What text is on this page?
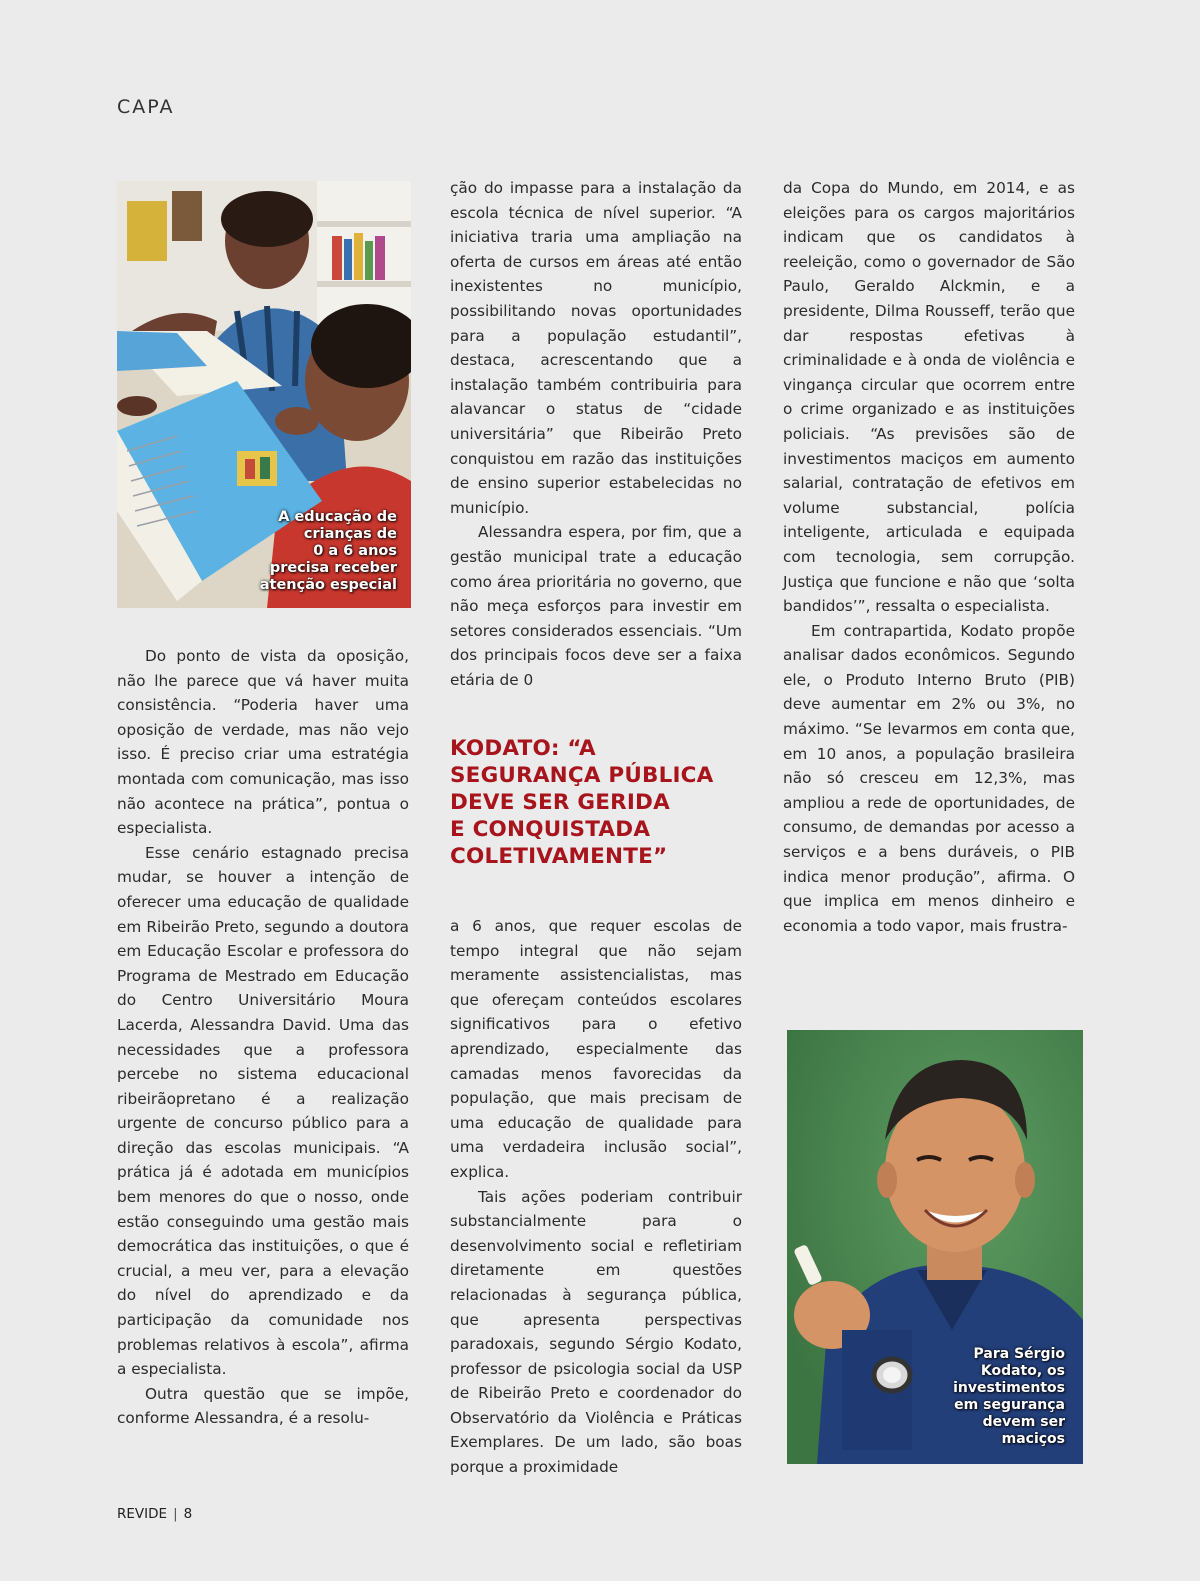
CAPA
A educação de
crianças de
0 a 6 anos
precisa receber
atenção especial

Do ponto de vista da oposição, não lhe parece que vá haver muita consistência. “Poderia haver uma oposição de verdade, mas não vejo isso. É preciso criar uma estratégia montada com comunicação, mas isso não acontece na prática”, pontua o especialista.

Esse cenário estagnado precisa mudar, se houver a intenção de oferecer uma educação de qualidade em Ribeirão Preto, segundo a doutora em Educação Escolar e professora do Programa de Mestrado em Educação do Centro Universitário Moura Lacerda, Alessandra David. Uma das necessidades que a professora percebe no sistema educacional ribeirãopretano é a realização urgente de concurso público para a direção das escolas municipais. “A prática já é adotada em municípios bem menores do que o nosso, onde estão conseguindo uma gestão mais democrática das instituições, o que é crucial, a meu ver, para a elevação do nível do aprendizado e da participação da comunidade nos problemas relativos à escola”, afirma a especialista.

Outra questão que se impõe, conforme Alessandra, é a resolu-

ção do impasse para a instalação da escola técnica de nível superior. “A iniciativa traria uma ampliação na oferta de cursos em áreas até então inexistentes no município, possibilitando novas oportunidades para a população estudantil”, destaca, acrescentando que a instalação também contribuiria para alavancar o status de “cidade universitária” que Ribeirão Preto conquistou em razão das instituições de ensino superior estabelecidas no município.

Alessandra espera, por fim, que a gestão municipal trate a educação como área prioritária no governo, que não meça esforços para investir em setores considerados essenciais. “Um dos principais focos deve ser a faixa etária de 0

KODATO: “A
SEGURANÇA PÚBLICA
DEVE SER GERIDA
E CONQUISTADA
COLETIVAMENTE”

a 6 anos, que requer escolas de tempo integral que não sejam meramente assistencialistas, mas que ofereçam conteúdos escolares significativos para o efetivo aprendizado, especialmente das camadas menos favorecidas da população, que mais precisam de uma educação de qualidade para uma verdadeira inclusão social”, explica.

Tais ações poderiam contribuir substancialmente para o desenvolvimento social e refletiriam diretamente em questões relacionadas à segurança pública, que apresenta perspectivas paradoxais, segundo Sérgio Kodato, professor de psicologia social da USP de Ribeirão Preto e coordenador do Observatório da Violência e Práticas Exemplares. De um lado, são boas porque a proximidade

da Copa do Mundo, em 2014, e as eleições para os cargos majoritários indicam que os candidatos à reeleição, como o governador de São Paulo, Geraldo Alckmin, e a presidente, Dilma Rousseff, terão que dar respostas efetivas à criminalidade e à onda de violência e vingança circular que ocorrem entre o crime organizado e as instituições policiais. “As previsões são de investimentos maciços em aumento salarial, contratação de efetivos em volume substancial, polícia inteligente, articulada e equipada com tecnologia, sem corrupção. Justiça que funcione e não que ‘solta bandidos’”, ressalta o especialista.

Em contrapartida, Kodato propõe analisar dados econômicos. Segundo ele, o Produto Interno Bruto (PIB) deve aumentar em 2% ou 3%, no máximo. “Se levarmos em conta que, em 10 anos, a população brasileira não só cresceu em 12,3%, mas ampliou a rede de oportunidades, de consumo, de demandas por acesso a serviços e a bens duráveis, o PIB indica menor produção”, afirma. O que implica em menos dinheiro e economia a todo vapor, mais frustra-

Para Sérgio
Kodato, os
investimentos
em segurança
devem ser
maciços
REVIDE | 8
